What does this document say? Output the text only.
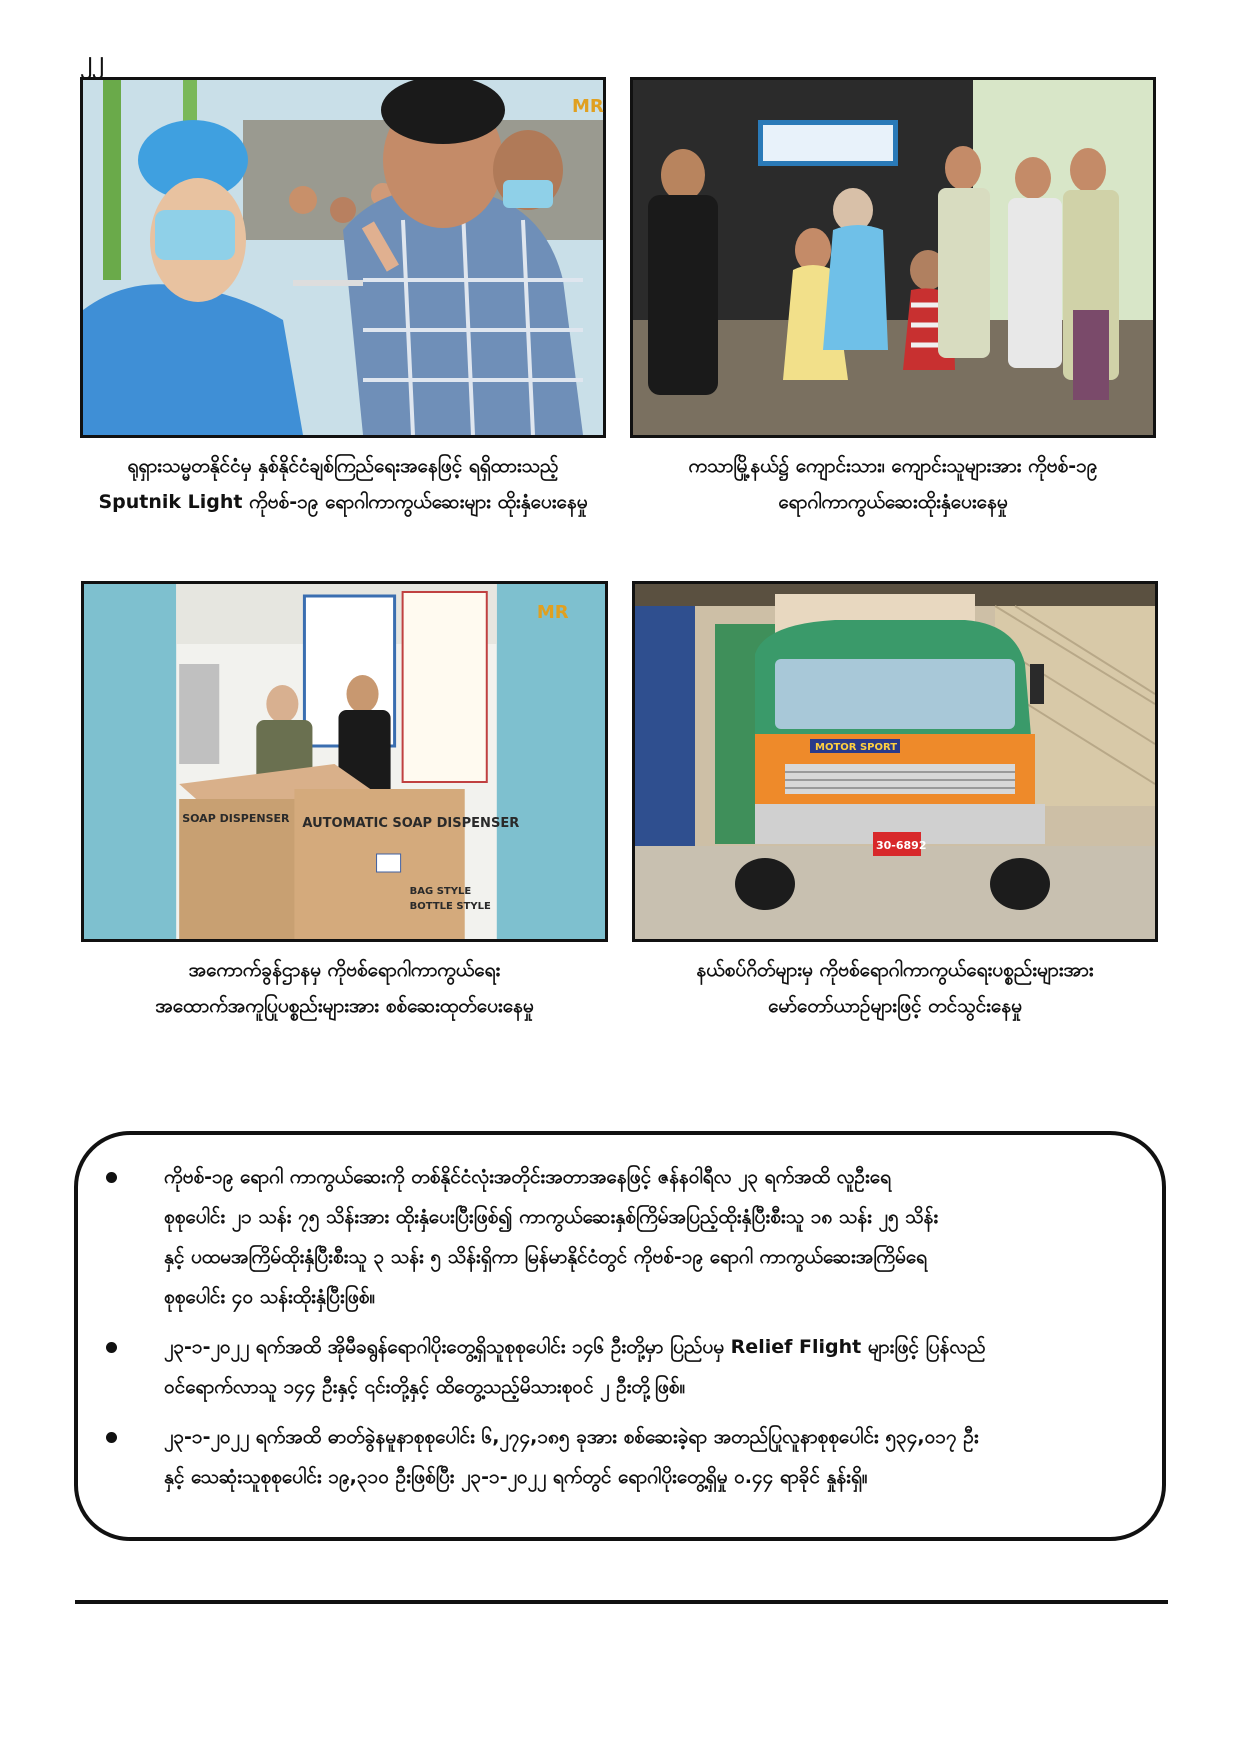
၂၂
ရုရှားသမ္မတနိုင်ငံမှ နှစ်နိုင်ငံချစ်ကြည်ရေးအနေဖြင့် ရရှိထားသည့်
Sputnik Light ကိုဗစ်-၁၉ ရောဂါကာကွယ်ဆေးများ ထိုးနှံပေးနေမှု
ကသာမြို့နယ်၌ ကျောင်းသား၊ ကျောင်းသူများအား ကိုဗစ်-၁၉
ရောဂါကာကွယ်ဆေးထိုးနှံပေးနေမှု
AUTOMATIC SOAP DISPENSER
SOAP DISPENSER
BAG STYLE
BOTTLE STYLE
MR
အကောက်ခွန်ဌာနမှ ကိုဗစ်ရောဂါကာကွယ်ရေး
အထောက်အကူပြုပစ္စည်းများအား စစ်ဆေးထုတ်ပေးနေမှု
MOTOR SPORT
30-6892
နယ်စပ်ဂိတ်များမှ ကိုဗစ်ရောဂါကာကွယ်ရေးပစ္စည်းများအား
မော်တော်ယာဉ်များဖြင့် တင်သွင်းနေမှု
ကိုဗစ်-၁၉ ရောဂါ ကာကွယ်ဆေးကို တစ်နိုင်ငံလုံးအတိုင်းအတာအနေဖြင့် ဇန်နဝါရီလ ၂၃ ရက်အထိ လူဦးရေ
စုစုပေါင်း ၂၁ သန်း ၇၅ သိန်းအား ထိုးနှံပေးပြီးဖြစ်၍ ကာကွယ်ဆေးနှစ်ကြိမ်အပြည့်ထိုးနှံပြီးစီးသူ ၁၈ သန်း ၂၅ သိန်း
နှင့် ပထမအကြိမ်ထိုးနှံပြီးစီးသူ ၃ သန်း ၅ သိန်းရှိကာ မြန်မာနိုင်ငံတွင် ကိုဗစ်-၁၉ ရောဂါ ကာကွယ်ဆေးအကြိမ်ရေ
စုစုပေါင်း ၄၀ သန်းထိုးနှံပြီးဖြစ်။
၂၃-၁-၂၀၂၂ ရက်အထိ အိုမီခရွန်ရောဂါပိုးတွေ့ရှိသူစုစုပေါင်း ၁၄၆ ဦးတို့မှာ ပြည်ပမှ Relief Flight များဖြင့် ပြန်လည်
ဝင်ရောက်လာသူ ၁၄၄ ဦးနှင့် ၎င်းတို့နှင့် ထိတွေ့သည့်မိသားစုဝင် ၂ ဦးတို့ဖြစ်။
၂၃-၁-၂၀၂၂ ရက်အထိ ဓာတ်ခွဲနမူနာစုစုပေါင်း ၆,၂၇၄,၁၈၅ ခုအား စစ်ဆေးခဲ့ရာ အတည်ပြုလူနာစုစုပေါင်း ၅၃၄,၀၁၇ ဦး
နှင့် သေဆုံးသူစုစုပေါင်း ၁၉,၃၁၀ ဦးဖြစ်ပြီး ၂၃-၁-၂၀၂၂ ရက်တွင် ရောဂါပိုးတွေ့ရှိမှု ၀.၄၄ ရာခိုင် နှုန်းရှိ။
MR
